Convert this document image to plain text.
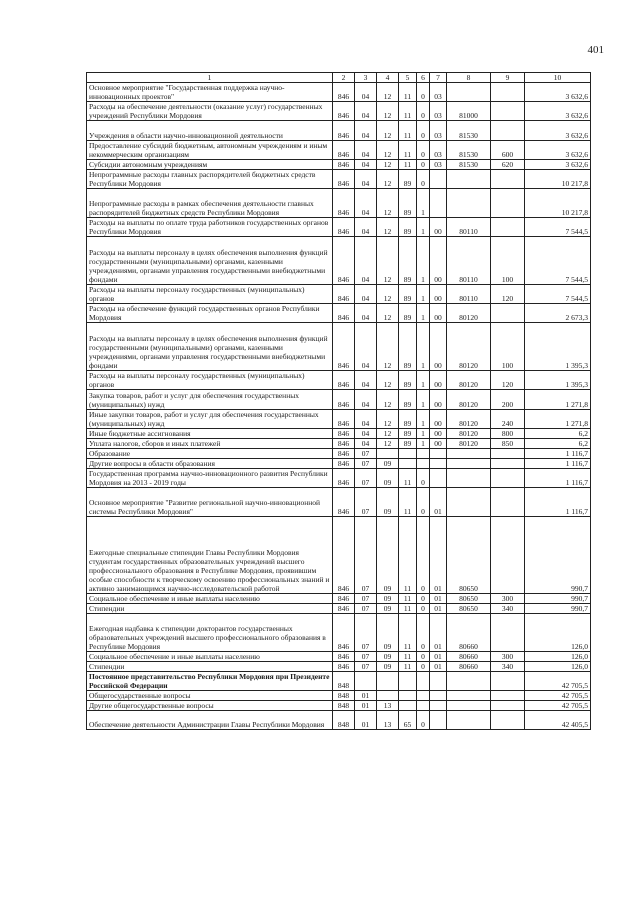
401
1	2	3	4	5	6	7	8	9	10
Основное мероприятие "Государственная поддержка научно-инновационных проектов"	846	04	12	11	0	03			3 632,6
Расходы на обеспечение деятельности (оказание услуг) государственных учреждений Республики Мордовия	846	04	12	11	0	03	81000		3 632,6
Учреждения в области научно-инновационной деятельности	846	04	12	11	0	03	81530		3 632,6
Предоставление субсидий бюджетным, автономным учреждениям и иным некоммерческим организациям	846	04	12	11	0	03	81530	600	3 632,6
Субсидии автономным учреждениям	846	04	12	11	0	03	81530	620	3 632,6
Непрограммные расходы главных распорядителей бюджетных средств Республики Мордовия	846	04	12	89	0				10 217,8
Непрограммные расходы в рамках обеспечения деятельности главных распорядителей бюджетных средств Республики Мордовия	846	04	12	89	1				10 217,8
Расходы на выплаты по оплате труда работников государственных органов Республики Мордовия	846	04	12	89	1	00	80110		7 544,5
Расходы на выплаты персоналу в целях обеспечения выполнения функций государственными (муниципальными) органами, казенными учреждениями, органами управления государственными внебюджетными фондами	846	04	12	89	1	00	80110	100	7 544,5
Расходы на выплаты персоналу государственных (муниципальных) органов	846	04	12	89	1	00	80110	120	7 544,5
Расходы на обеспечение функций государственных органов Республики Мордовия	846	04	12	89	1	00	80120		2 673,3
Расходы на выплаты персоналу в целях обеспечения выполнения функций государственными (муниципальными) органами, казенными учреждениями, органами управления государственными внебюджетными фондами	846	04	12	89	1	00	80120	100	1 395,3
Расходы на выплаты персоналу государственных (муниципальных) органов	846	04	12	89	1	00	80120	120	1 395,3
Закупка товаров, работ и услуг для обеспечения государственных (муниципальных) нужд	846	04	12	89	1	00	80120	200	1 271,8
Иные закупки товаров, работ и услуг для обеспечения государственных (муниципальных) нужд	846	04	12	89	1	00	80120	240	1 271,8
Иные бюджетные ассигнования	846	04	12	89	1	00	80120	800	6,2
Уплата налогов, сборов и иных платежей	846	04	12	89	1	00	80120	850	6,2
Образование	846	07							1 116,7
Другие вопросы в области образования	846	07	09						1 116,7
Государственная программа научно-инновационного развития Республики Мордовия на 2013 - 2019 годы	846	07	09	11	0				1 116,7
Основное мероприятие "Развитие региональной научно-инновационной системы Республики Мордовия"	846	07	09	11	0	01			1 116,7
Ежегодные специальные стипендии Главы Республики Мордовия студентам государственных образовательных учреждений высшего профессионального образования в Республике Мордовия, проявившим особые способности к творческому освоению профессиональных знаний и активно занимающимся научно-исследовательской работой	846	07	09	11	0	01	80650		990,7
Социальное обеспечение и иные выплаты населению	846	07	09	11	0	01	80650	300	990,7
Стипендии	846	07	09	11	0	01	80650	340	990,7
Ежегодная надбавка к стипендии докторантов государственных образовательных учреждений высшего профессионального образования в Республике Мордовия	846	07	09	11	0	01	80660		126,0
Социальное обеспечение и иные выплаты населению	846	07	09	11	0	01	80660	300	126,0
Стипендии	846	07	09	11	0	01	80660	340	126,0
Постоянное представительство Республики Мордовия при Президенте Российской Федерации	848								42 705,5
Общегосударственные вопросы	848	01							42 705,5
Другие общегосударственные вопросы	848	01	13						42 705,5
Обеспечение деятельности Администрации Главы Республики Мордовия	848	01	13	65	0				42 405,5
